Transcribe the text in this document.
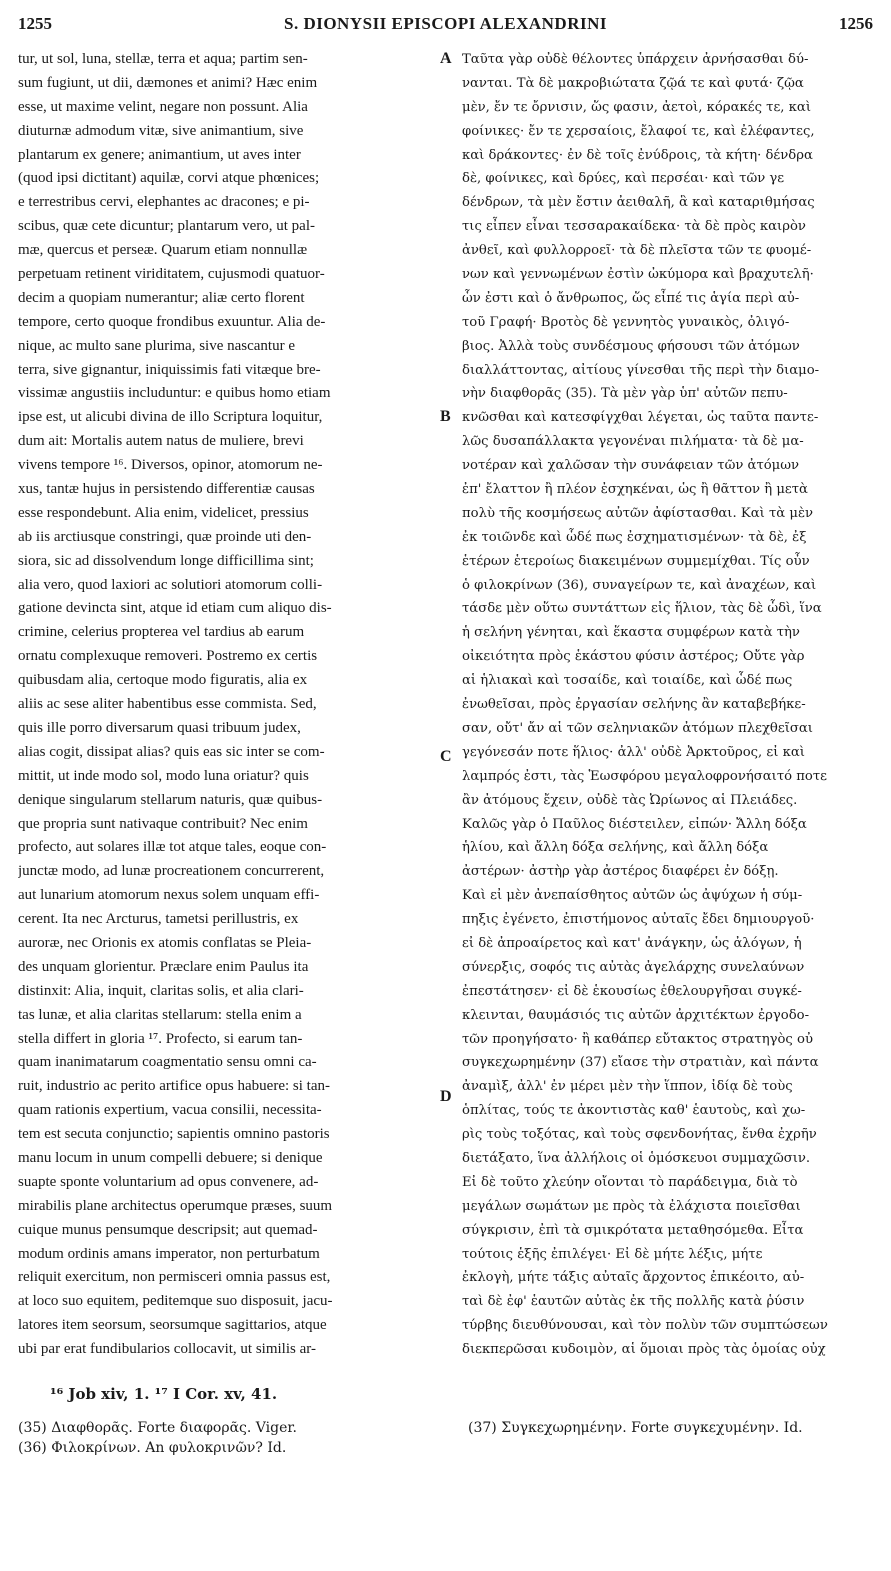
1255	S. DIONYSII EPISCOPI ALEXANDRINI	1256
tur, ut sol, luna, stellæ, terra et aqua; partim sen-
sum fugiunt, ut dii, dæmones et animi? Hæc enim
esse, ut maxime velint, negare non possunt. Alia
diuturnæ admodum vitæ, sive animantium, sive
plantarum ex genere; animantium, ut aves inter
(quod ipsi dictitant) aquilæ, corvi atque phœnices;
e terrestribus cervi, elephantes ac dracones; e pi-
scibus, quæ cete dicuntur; plantarum vero, ut pal-
mæ, quercus et perseæ. Quarum etiam nonnullæ
perpetuam retinent viriditatem, cujusmodi quatuor-
decim a quopiam numerantur; aliæ certo florent
tempore, certo quoque frondibus exuuntur. Alia de-
nique, ac multo sane plurima, sive nascantur e
terra, sive gignantur, iniquissimis fati vitæque bre-
vissimæ angustiis includuntur: e quibus homo etiam
ipse est, ut alicubi divina de illo Scriptura loquitur,
dum ait: Mortalis autem natus de muliere, brevi
vivens tempore ¹⁶. Diversos, opinor, atomorum ne-
xus, tantæ hujus in persistendo differentiæ causas
esse respondebunt. Alia enim, videlicet, pressius
ab iis arctiusque constringi, quæ proinde uti den-
siora, sic ad dissolvendum longe difficillima sint;
alia vero, quod laxiori ac solutiori atomorum colli-
gatione devincta sint, atque id etiam cum aliquo dis-
crimine, celerius propterea vel tardius ab earum
ornatu complexuque removeri. Postremo ex certis
quibusdam alia, certoque modo figuratis, alia ex
aliis ac sese aliter habentibus esse commista. Sed,
quis ille porro diversarum quasi tribuum judex,
alias cogit, dissipat alias? quis eas sic inter se com-
mittit, ut inde modo sol, modo luna oriatur? quis
denique singularum stellarum naturis, quæ quibus-
que propria sunt nativaque contribuit? Nec enim
profecto, aut solares illæ tot atque tales, eoque con-
junctæ modo, ad lunæ procreationem concurrerent,
aut lunarium atomorum nexus solem unquam effi-
cerent. Ita nec Arcturus, tametsi perillustris, ex
auroræ, nec Orionis ex atomis conflatas se Pleia-
des unquam glorientur. Præclare enim Paulus ita
distinxit: Alia, inquit, claritas solis, et alia clari-
tas lunæ, et alia claritas stellarum: stella enim a
stella differt in gloria ¹⁷. Profecto, si earum tan-
quam inanimatarum coagmentatio sensu omni ca-
ruit, industrio ac perito artifice opus habuere: si tan-
quam rationis expertium, vacua consilii, necessita-
tem est secuta conjunctio; sapientis omnino pastoris
manu locum in unum compelli debuere; si denique
suapte sponte voluntarium ad opus convenere, ad-
mirabilis plane architectus operumque præses, suum
cuique munus pensumque descripsit; aut quemad-
modum ordinis amans imperator, non perturbatum
reliquit exercitum, non permisceri omnia passus est,
at loco suo equitem, peditemque suo disposuit, jacu-
latores item seorsum, seorsumque sagittarios, atque
ubi par erat fundibularios collocavit, ut similis ar-
Ταῦτα γὰρ οὐδὲ θέλοντες ὑπάρχειν ἀρνήσασθαι δύ-
νανται. Τὰ δὲ μακροβιώτατα ζῷά τε καὶ φυτά· ζῷα
μὲν, ἔν τε ὄρνισιν, ὥς φασιν, ἀετοὶ, κόρακές τε, καὶ
φοίνικες· ἔν τε χερσαίοις, ἔλαφοί τε, καὶ ἐλέφαντες,
καὶ δράκοντες· ἐν δὲ τοῖς ἐνύδροις, τὰ κήτη· δένδρα
δὲ, φοίνικες, καὶ δρύες, καὶ περσέαι· καὶ τῶν γε
δένδρων, τὰ μὲν ἔστιν ἀειθαλῆ, ἃ καὶ καταριθμήσας
τις εἶπεν εἶναι τεσσαρακαίδεκα· τὰ δὲ πρὸς καιρὸν
ἀνθεῖ, καὶ φυλλορροεῖ· τὰ δὲ πλεῖστα τῶν τε φυομέ-
νων καὶ γεννωμένων ἐστὶν ὠκύμορα καὶ βραχυτελῆ·
ὧν ἐστι καὶ ὁ ἄνθρωπος, ὥς εἶπέ τις ἁγία περὶ αὐ-
τοῦ Γραφή· Βροτὸς δὲ γεννητὸς γυναικὸς, ὀλιγό-
βιος. Ἀλλὰ τοὺς συνδέσμους φήσουσι τῶν ἀτόμων
διαλλάττοντας, αἰτίους γίνεσθαι τῆς περὶ τὴν διαμο-
νὴν διαφθορᾶς (35). Τὰ μὲν γὰρ ὑπ' αὐτῶν πεπυ-
κνῶσθαι καὶ κατεσφίγχθαι λέγεται, ὡς ταῦτα παντε-
λῶς δυσαπάλλακτα γεγονέναι πιλήματα· τὰ δὲ μα-
νοτέραν καὶ χαλῶσαν τὴν συνάφειαν τῶν ἀτόμων
ἐπ' ἔλαττον ἢ πλέον ἐσχηκέναι, ὡς ἢ θᾶττον ἢ μετὰ
πολὺ τῆς κοσμήσεως αὐτῶν ἀφίστασθαι. Καὶ τὰ μὲν
ἐκ τοιῶνδε καὶ ὧδέ πως ἐσχηματισμένων· τὰ δὲ, ἐξ
ἑτέρων ἑτεροίως διακειμένων συμμεμίχθαι. Τίς οὖν
ὁ φιλοκρίνων (36), συναγείρων τε, καὶ ἀναχέων, καὶ
τάσδε μὲν οὕτω συντάττων εἰς ἥλιον, τὰς δὲ ὧδὶ, ἵνα
ἡ σελήνη γένηται, καὶ ἕκαστα συμφέρων κατὰ τὴν
οἰκειότητα πρὸς ἑκάστου φύσιν ἀστέρος; Οὔτε γὰρ
αἱ ἡλιακαὶ καὶ τοσαίδε, καὶ τοιαίδε, καὶ ὧδέ πως
ἐνωθεῖσαι, πρὸς ἐργασίαν σελήνης ἂν καταβεβήκε-
σαν, οὔτ' ἄν αἱ τῶν σεληνιακῶν ἀτόμων πλεχθεῖσαι
γεγόνεσάν ποτε ἥλιος· ἀλλ' οὐδὲ Ἀρκτοῦρος, εἰ καὶ
λαμπρός ἐστι, τὰς Ἑωσφόρου μεγαλοφρονήσαιτό ποτε
ἂν ἀτόμους ἔχειν, οὐδὲ τὰς Ὠρίωνος αἱ Πλειάδες.
Καλῶς γὰρ ὁ Παῦλος διέστειλεν, εἰπών· Ἄλλη δόξα
ἡλίου, καὶ ἄλλη δόξα σελήνης, καὶ ἄλλη δόξα
ἀστέρων· ἀστὴρ γὰρ ἀστέρος διαφέρει ἐν δόξῃ.
Καὶ εἰ μὲν ἀνεπαίσθητος αὐτῶν ὡς ἀψύχων ἡ σύμ-
πηξις ἐγένετο, ἐπιστήμονος αὐταῖς ἔδει δημιουργοῦ·
εἰ δὲ ἀπροαίρετος καὶ κατ' ἀνάγκην, ὡς ἀλόγων, ἡ
σύνερξις, σοφός τις αὐτὰς ἀγελάρχης συνελαύνων
ἐπεστάτησεν· εἰ δὲ ἑκουσίως ἐθελουργῆσαι συγκέ-
κλεινται, θαυμάσιός τις αὐτῶν ἀρχιτέκτων ἐργοδο-
τῶν προηγήσατο· ἢ καθάπερ εὔτακτος στρατηγὸς οὐ
συγκεχωρημένην (37) εἴασε τὴν στρατιὰν, καὶ πάντα
ἀναμὶξ, ἀλλ' ἐν μέρει μὲν τὴν ἵππον, ἰδίᾳ δὲ τοὺς
ὁπλίτας, τούς τε ἀκοντιστὰς καθ' ἑαυτοὺς, καὶ χω-
ρὶς τοὺς τοξότας, καὶ τοὺς σφενδονήτας, ἔνθα ἐχρῆν
διετάξατο, ἵνα ἀλλήλοις οἱ ὁμόσκευοι συμμαχῶσιν.
Εἰ δὲ τοῦτο χλεύην οἴονται τὸ παράδειγμα, διὰ τὸ
μεγάλων σωμάτων με πρὸς τὰ ἐλάχιστα ποιεῖσθαι
σύγκρισιν, ἐπὶ τὰ σμικρότατα μεταθησόμεθα. Εἶτα
τούτοις ἑξῆς ἐπιλέγει· Εἰ δὲ μήτε λέξις, μήτε
ἐκλογὴ, μήτε τάξις αὐταῖς ἄρχοντος ἐπικέοιτο, αὐ-
ταὶ δὲ ἐφ' ἑαυτῶν αὐτὰς ἐκ τῆς πολλῆς κατὰ ῥύσιν
τύρβης διευθύνουσαι, καὶ τὸν πολὺν τῶν συμπτώσεων
διεκπερῶσαι κυδοιμὸν, αἱ ὅμοιαι πρὸς τὰς ὁμοίας οὐχ
A
B
C
D
¹⁶ Job xiv, 1. ¹⁷ I Cor. xv, 41.
(35) Διαφθορᾶς. Forte διαφορᾶς. Viger.
(36) Φιλοκρίνων. An φυλοκρινῶν? Id.
(37) Συγκεχωρημένην. Forte συγκεχυμένην. Id.
